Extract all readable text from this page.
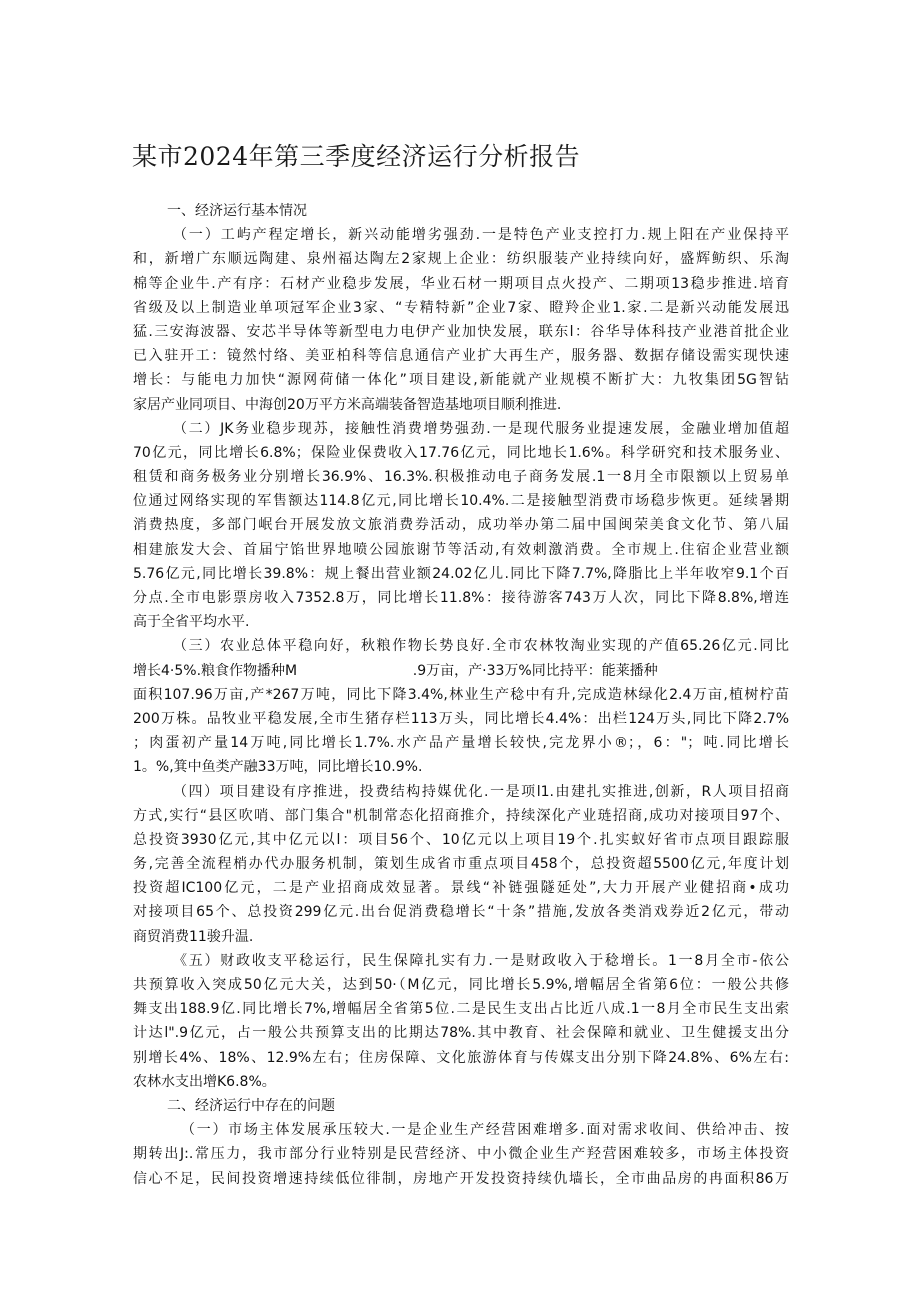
某市2024年第三季度经济运行分析报告
一、经济运行基本情况
（一）工屿产程定增长，新兴动能增劣强劲.一是特色产业支控打力.规上阳在产业保持平
和，新增广东顺远陶建、泉州福达陶左2家规上企业：纺织服装产业持续向好，盛辉鲂织、乐淘
棉等企业牛.产有序：石材产业稳步发展，华业石材一期项目点火投产、二期项13稳步推进.培育
省级及以上制造业单项冠军企业3家、“专精特新”企业7家、瞪羚企业1.家.二是新兴动能发展迅
猛.三安海波器、安芯半导体等新型电力电伊产业加快发展，联东l：谷华导体科技产业港首批企业
已入驻开工：镜然忖络、美亚柏科等信息通信产业扩大再生产，服务器、数据存储设需实现快速
增长：与能电力加快“源网荷储一体化”项目建设,新能就产业规模不断扩大：九牧集团5G智钻
家居产业同项目、中海创20万平方米高端装备智造基地项目顺利推进.
（二）JK务业稳步现苏，接触性消费增势强劲.一是现代服务业提速发展，金融业增加值超
70亿元，同比增长6.8%；保险业保费收入17.76亿元，同比地长1.6%。科学研究和技术服务业、
租赁和商务极务业分别增长36.9%、16.3%.积极推动电子商务发展.1一8月全市限额以上贸易单
位通过网络实现的军售额达114.8亿元,同比增长10.4%.二是接触型消费市场稳步恢更。延续暑期
消费热度，多部门岷台开展发放文旅消费券活动，成功举办第二届中国闽荣美食文化节、第八届
相建旅发大会、首届宁馅世界地喷公园旅谢节等活动,有效刺激消费。全市规上.住宿企业营业额
5.76亿元,同比增长39.8%：规上餐出营业额24.02亿儿.同比下降7.7%,降脂比上半年收窄9.1个百
分点.全市电影票房收入7352.8万，同比增长11.8%：接待游客743万人次，同比下降8.8%,增连
高于全省平均水平.
（三）农业总体平稳向好，秋粮作物长势良好.全市农林牧淘业实现的产值65.26亿元.同比
增长4·5%.粮食作物播种M                          .9万亩，产·33万%同比持平：能莱播种
面积107.96万亩,产*267万吨，同比下降3.4%,林业生产稔中有升,完成造林绿化2.4万亩,植树柠苗
200万株。品牧业平稳发展,全市生猪存栏113万头，同比增长4.4%：出栏124万头,同比下降2.7%
；肉蛋初产量14万吨,同比增长1.7%.水产品产量增长较快,完龙界小®；，6："；吨.同比增长
1。%,箕中鱼类产融33万吨，同比增长10.9%.
（四）项目建设有序推进，投费结构持媒优化.一是项l1.由建扎实推进,创新，R人项目招商
方式,实行“县区吹哨、部门集合"机制常态化招商推介，持续深化产业琏招商,成功对接项目97个、
总投资3930亿元,其中亿元以l：项目56个、10亿元以上项目19个.扎实蚁好省市点项目跟踪服
务,完善全流程梢办代办服务机制，策划生成省市重点项目458个，总投资超5500亿元,年度计划
投资超IC100亿元，二是产业招商成效显著。景线“补链强隧延处”,大力开展产业健招商•成功
对接项目65个、总投资299亿元.出台促消费稳增长“十条”措施,发放各类消戏券近2亿元，带动
商贸消费11骏升温.
《五）财政收支平稔运行，民生保障扎实有力.一是财政收入于稔增长。1一8月全市-依公
共预算收入突成50亿元大关，达到50·（M亿元，同比增长5.9%,增幅居全省第6位：一般公共修
舞支出188.9亿.同比增长7%,增幅居全省第5位.二是民生支出占比近八成.1一8月全市民生支出索
计达l".9亿元，占一般公共预算支出的比期达78%.其中教育、社会保障和就业、卫生健援支出分
别增长4%、18%、12.9%左右；住房保障、文化旅游体育与传媒支出分别下降24.8%、6%左右:
农林水支出增K6.8%。
二、经济运行中存在的问题
（一）市场主体发展承压较大.一是企业生产经营困难增多.面对需求收间、供给冲击、按
期转出J:.常压力，我市部分行业特别是民营经济、中小微企业生产羟营困难较多，市场主体投资
信心不足，民间投资增速持续低位徘制，房地产开发投资持续仇墙长，全市曲品房的冉面积86万
